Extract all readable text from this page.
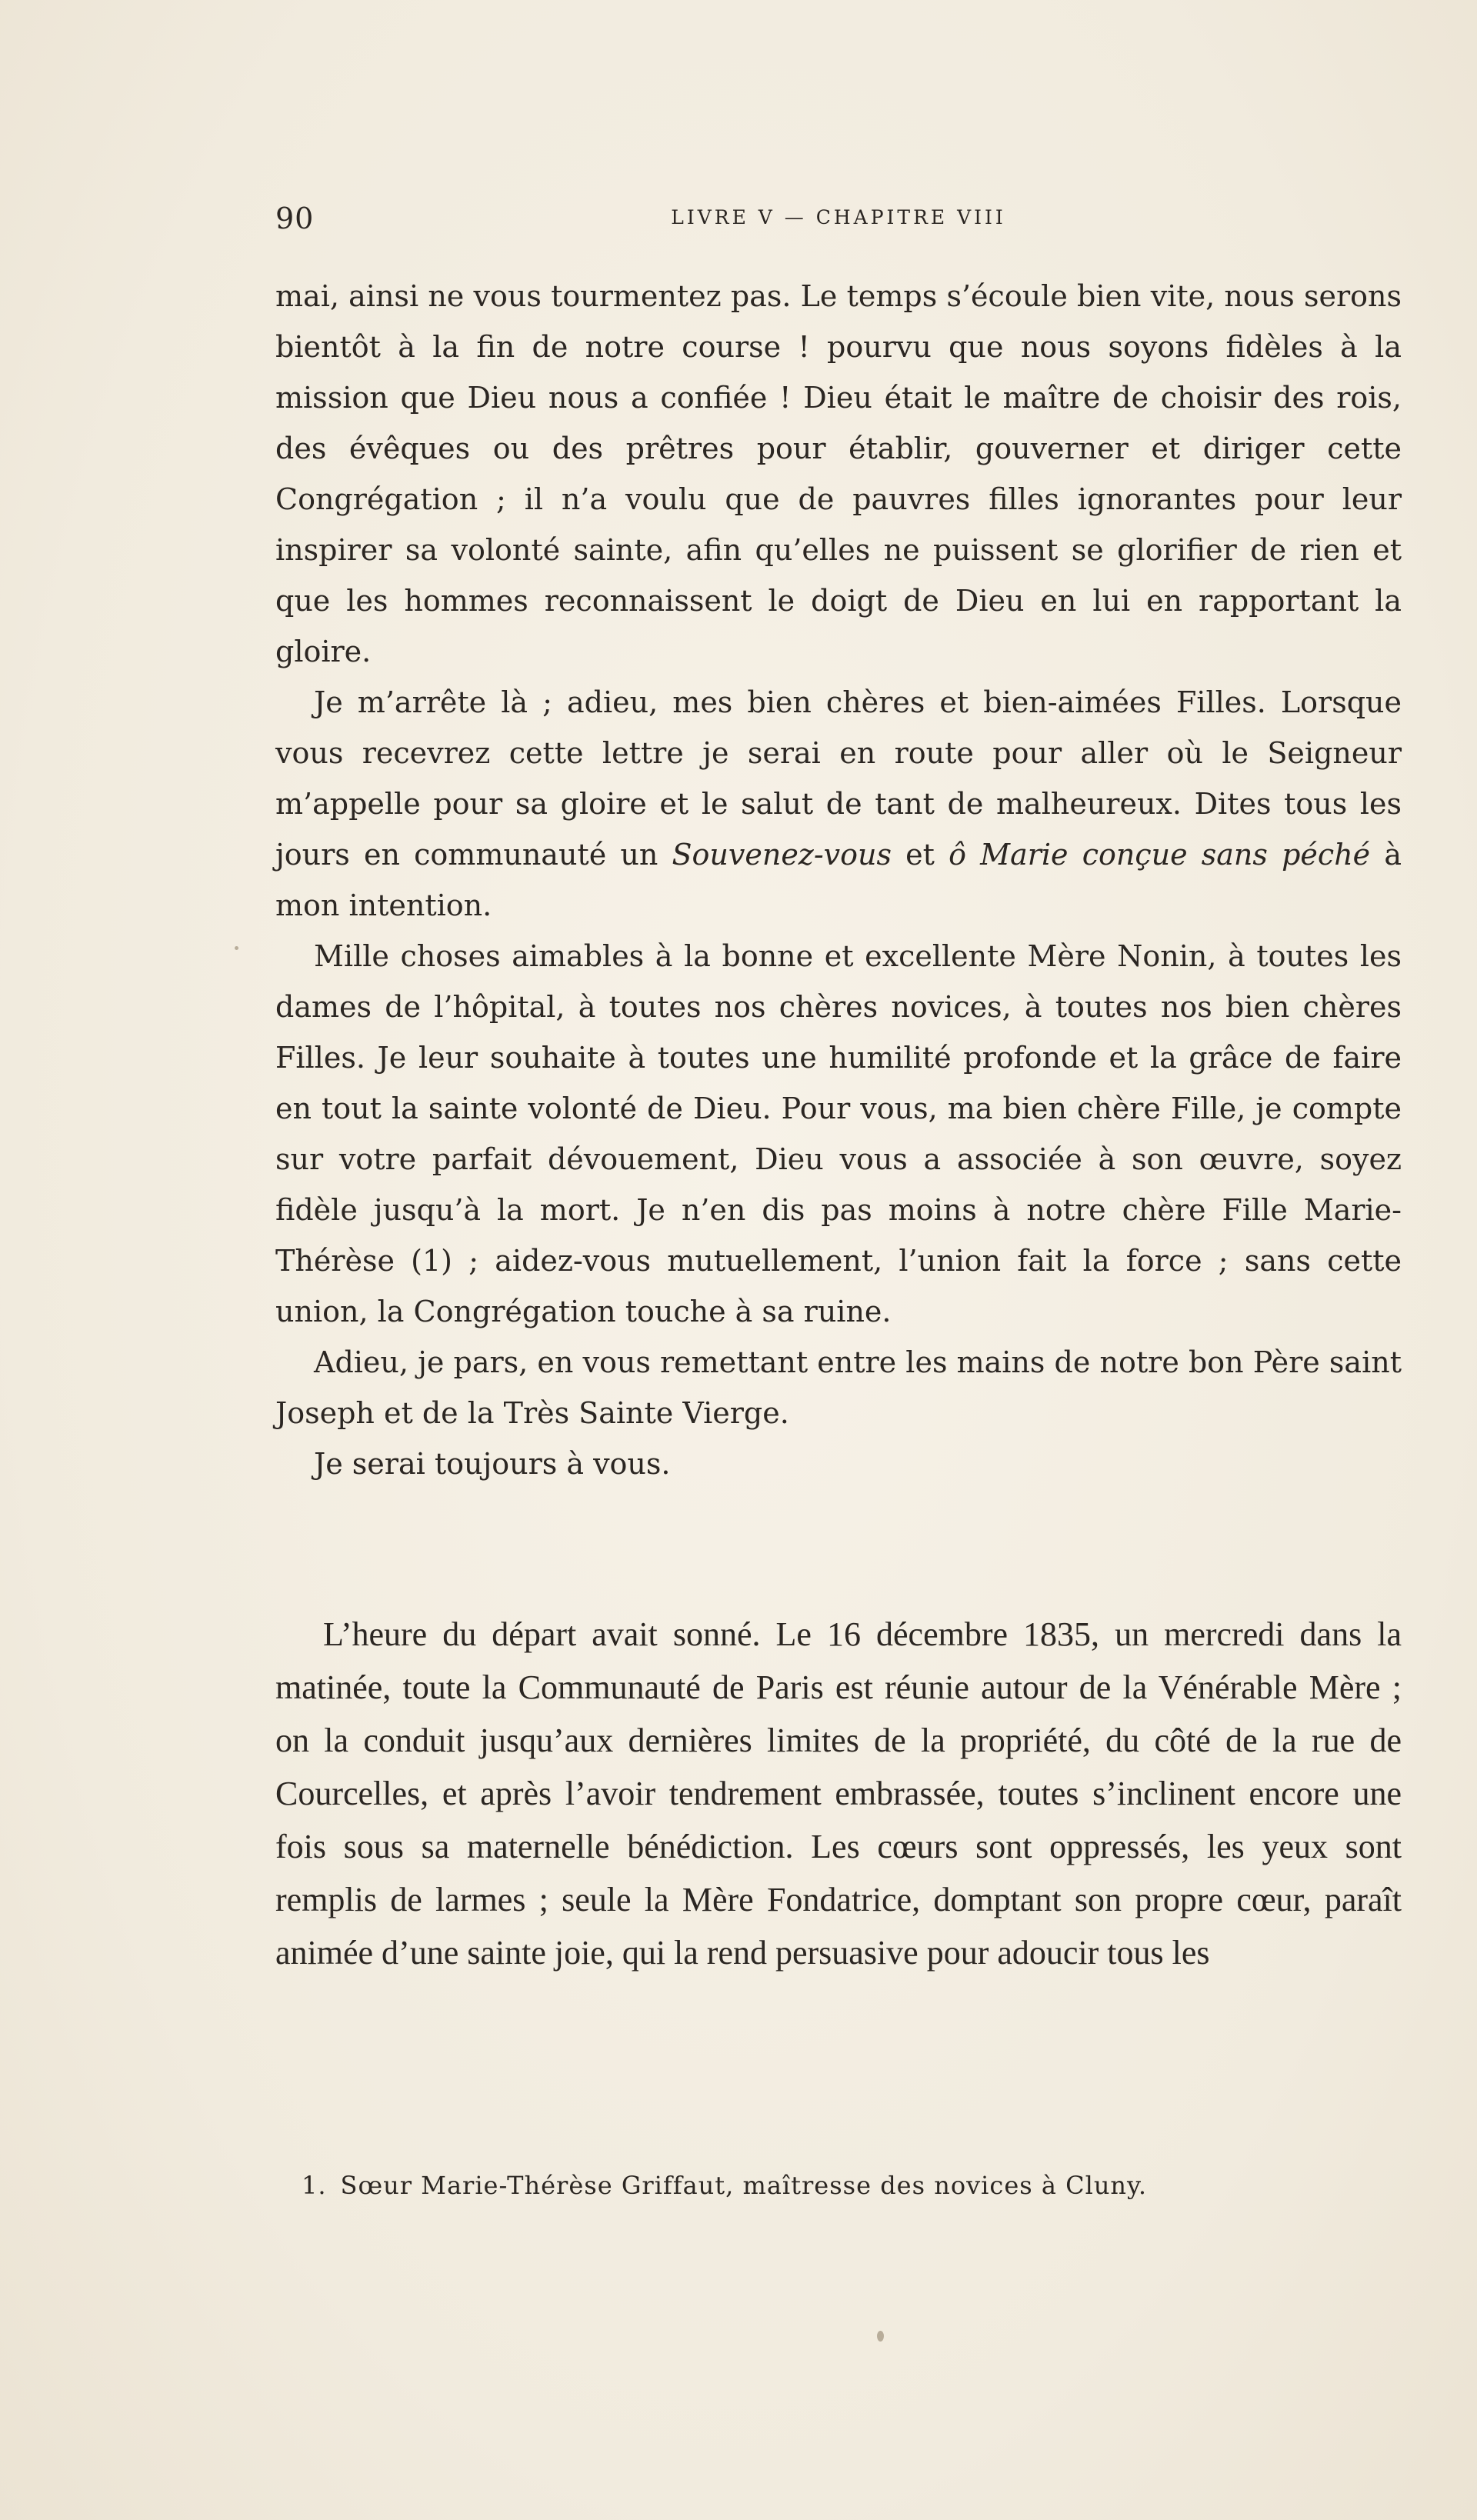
90	LIVRE V — CHAPITRE VIII

mai, ainsi ne vous tourmentez pas. Le temps s’écoule bien vite, nous serons bientôt à la fin de notre course ! pourvu que nous soyons fidèles à la mission que Dieu nous a confiée ! Dieu était le maître de choisir des rois, des évêques ou des prêtres pour établir, gouverner et diriger cette Congrégation ; il n’a voulu que de pauvres filles ignorantes pour leur inspirer sa volonté sainte, afin qu’elles ne puissent se glorifier de rien et que les hommes reconnaissent le doigt de Dieu en lui en rapportant la gloire.

Je m’arrête là ; adieu, mes bien chères et bien-aimées Filles. Lorsque vous recevrez cette lettre je serai en route pour aller où le Seigneur m’appelle pour sa gloire et le salut de tant de malheureux. Dites tous les jours en communauté un Souvenez-vous et ô Marie conçue sans péché à mon intention.

Mille choses aimables à la bonne et excellente Mère Nonin, à toutes les dames de l’hôpital, à toutes nos chères novices, à toutes nos bien chères Filles. Je leur souhaite à toutes une humilité profonde et la grâce de faire en tout la sainte volonté de Dieu. Pour vous, ma bien chère Fille, je compte sur votre parfait dévouement, Dieu vous a associée à son œuvre, soyez fidèle jusqu’à la mort. Je n’en dis pas moins à notre chère Fille Marie-Thérèse (1) ; aidez-vous mutuellement, l’union fait la force ; sans cette union, la Congrégation touche à sa ruine.

Adieu, je pars, en vous remettant entre les mains de notre bon Père saint Joseph et de la Très Sainte Vierge.

Je serai toujours à vous.

L’heure du départ avait sonné. Le 16 décembre 1835, un mercredi dans la matinée, toute la Communauté de Paris est réunie autour de la Vénérable Mère ; on la conduit jusqu’aux dernières limites de la propriété, du côté de la rue de Courcelles, et après l’avoir tendrement embrassée, toutes s’inclinent encore une fois sous sa maternelle bénédiction. Les cœurs sont oppressés, les yeux sont remplis de larmes ; seule la Mère Fondatrice, domptant son propre cœur, paraît animée d’une sainte joie, qui la rend persuasive pour adoucir tous les

1. Sœur Marie-Thérèse Griffaut, maîtresse des novices à Cluny.
